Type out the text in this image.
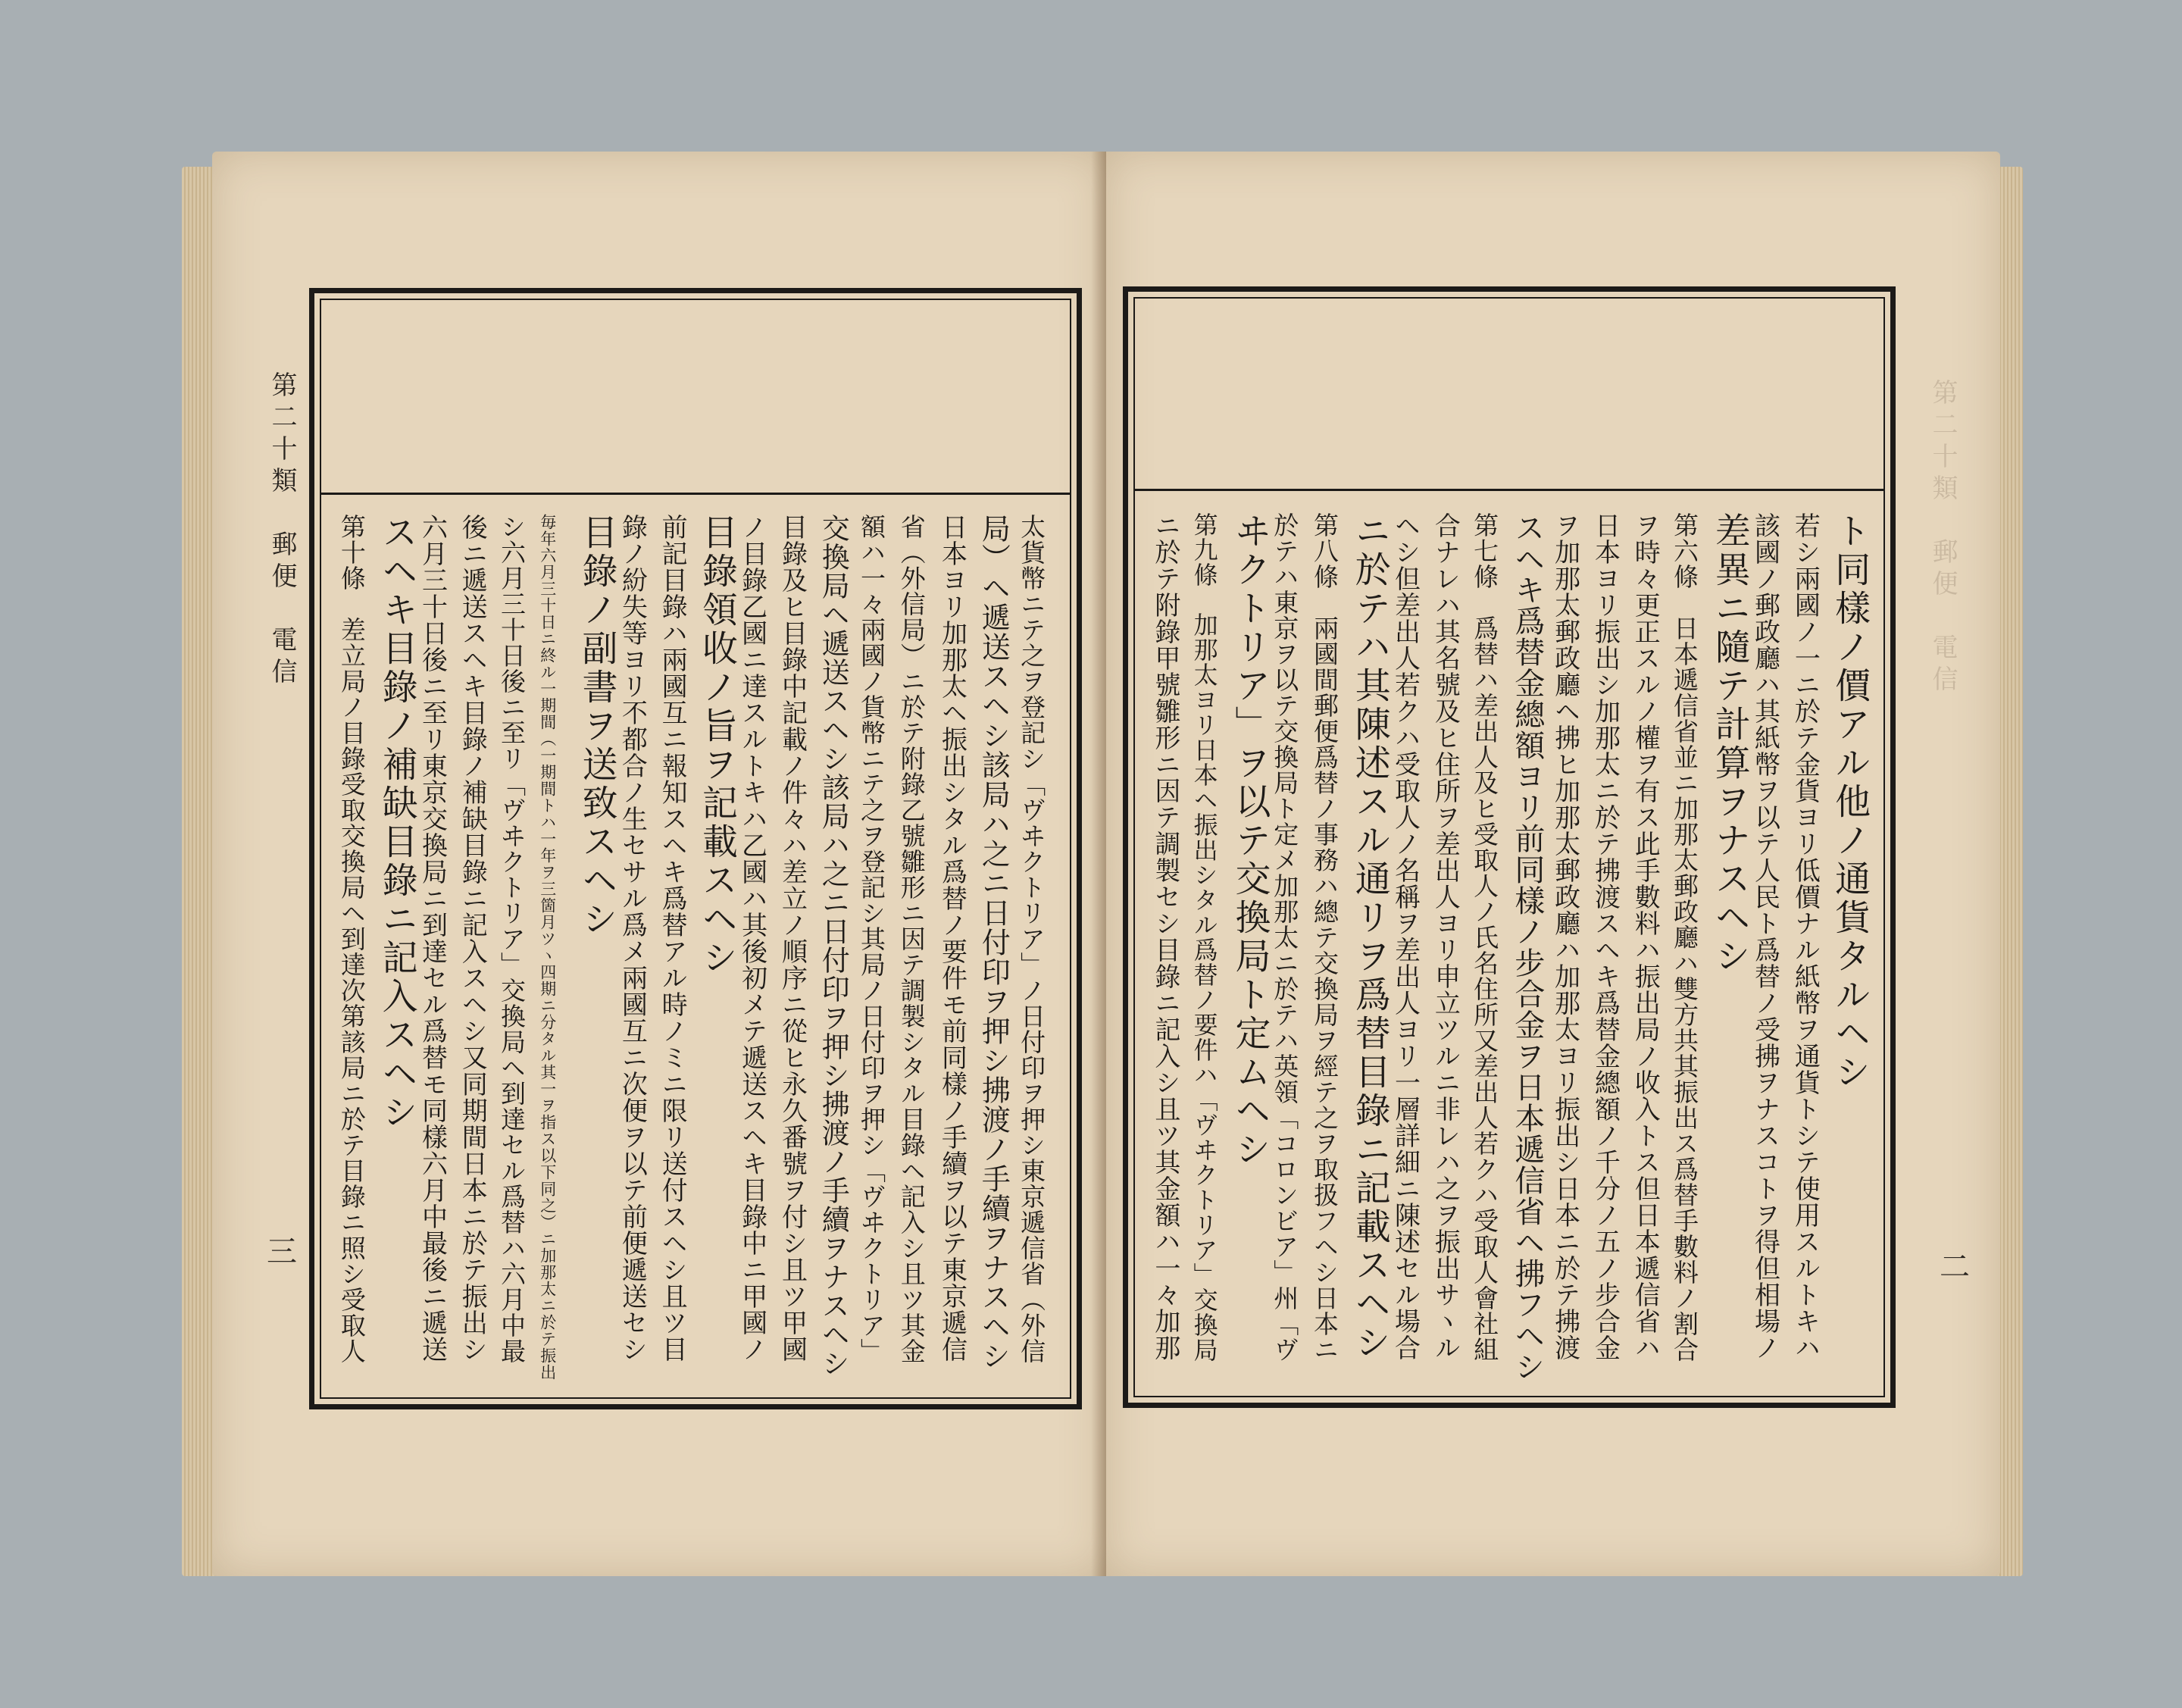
第二十類　郵便　電信
三	太貨幣ニテ之ヲ登記シ「ヴヰクトリア」ノ日付印ヲ押シ東京遞信省（外信
局）ヘ遞送スヘシ該局ハ之ニ日付印ヲ押シ拂渡ノ手續ヲナスヘシ
日本ヨリ加那太ヘ振出シタル爲替ノ要件モ前同樣ノ手續ヲ以テ東京遞信
省（外信局）ニ於テ附錄乙號雛形ニ因テ調製シタル目錄ヘ記入シ且ツ其金
額ハ一々兩國ノ貨幣ニテ之ヲ登記シ其局ノ日付印ヲ押シ「ヴヰクトリア」
交換局ヘ遞送スヘシ該局ハ之ニ日付印ヲ押シ拂渡ノ手續ヲナスヘシ
目錄及ヒ目錄中記載ノ件々ハ差立ノ順序ニ從ヒ永久番號ヲ付シ且ツ甲國
ノ目錄乙國ニ達スルトキハ乙國ハ其後初メテ遞送スヘキ目錄中ニ甲國ノ
目錄領收ノ旨ヲ記載スヘシ
前記目錄ハ兩國互ニ報知スヘキ爲替アル時ノミニ限リ送付スヘシ且ツ目
錄ノ紛失等ヨリ不都合ノ生セサル爲メ兩國互ニ次便ヲ以テ前便遞送セシ
目錄ノ副書ヲ送致スヘシ
毎年六月三十日ニ終ル一期間（一期間トハ一年ヲ三箇月ツヽ四期ニ分タル其一ヲ指ス以下同之）ニ加那太ニ於テ振出
シ六月三十日後ニ至リ「ヴヰクトリア」交換局ヘ到達セル爲替ハ六月中最
後ニ遞送スヘキ目錄ノ補缺目錄ニ記入スヘシ又同期間日本ニ於テ振出シ
六月三十日後ニ至リ東京交換局ニ到達セル爲替モ同樣六月中最後ニ遞送
スヘキ目錄ノ補缺目錄ニ記入スヘシ
第十條　差立局ノ目錄受取交換局ヘ到達次第該局ニ於テ目錄ニ照シ受取人	第二十類　郵便　電信
二
ト同樣ノ價アル他ノ通貨タルヘシ
若シ兩國ノ一ニ於テ金貨ヨリ低價ナル紙幣ヲ通貨トシテ使用スルトキハ
該國ノ郵政廳ハ其紙幣ヲ以テ人民ト爲替ノ受拂ヲナスコトヲ得但相場ノ
差異ニ隨テ計算ヲナスヘシ
第六條　日本遞信省並ニ加那太郵政廳ハ雙方共其振出ス爲替手數料ノ割合
ヲ時々更正スルノ權ヲ有ス此手數料ハ振出局ノ收入トス但日本遞信省ハ
日本ヨリ振出シ加那太ニ於テ拂渡スヘキ爲替金總額ノ千分ノ五ノ步合金
ヲ加那太郵政廳ヘ拂ヒ加那太郵政廳ハ加那太ヨリ振出シ日本ニ於テ拂渡
スヘキ爲替金總額ヨリ前同樣ノ步合金ヲ日本遞信省ヘ拂フヘシ
第七條　爲替ハ差出人及ヒ受取人ノ氏名住所又差出人若クハ受取人會社組
合ナレハ其名號及ヒ住所ヲ差出人ヨリ申立ツルニ非レハ之ヲ振出サヽル
ヘシ但差出人若クハ受取人ノ名稱ヲ差出人ヨリ一層詳細ニ陳述セル場合
ニ於テハ其陳述スル通リヲ爲替目錄ニ記載スヘシ
第八條　兩國間郵便爲替ノ事務ハ總テ交換局ヲ經テ之ヲ取扱フヘシ日本ニ
於テハ東京ヲ以テ交換局ト定メ加那太ニ於テハ英領「コロンビア」州「ヴ
ヰクトリア」ヲ以テ交換局ト定ムヘシ
第九條　加那太ヨリ日本ヘ振出シタル爲替ノ要件ハ「ヴヰクトリア」交換局
ニ於テ附錄甲號雛形ニ因テ調製セシ目錄ニ記入シ且ツ其金額ハ一々加那
